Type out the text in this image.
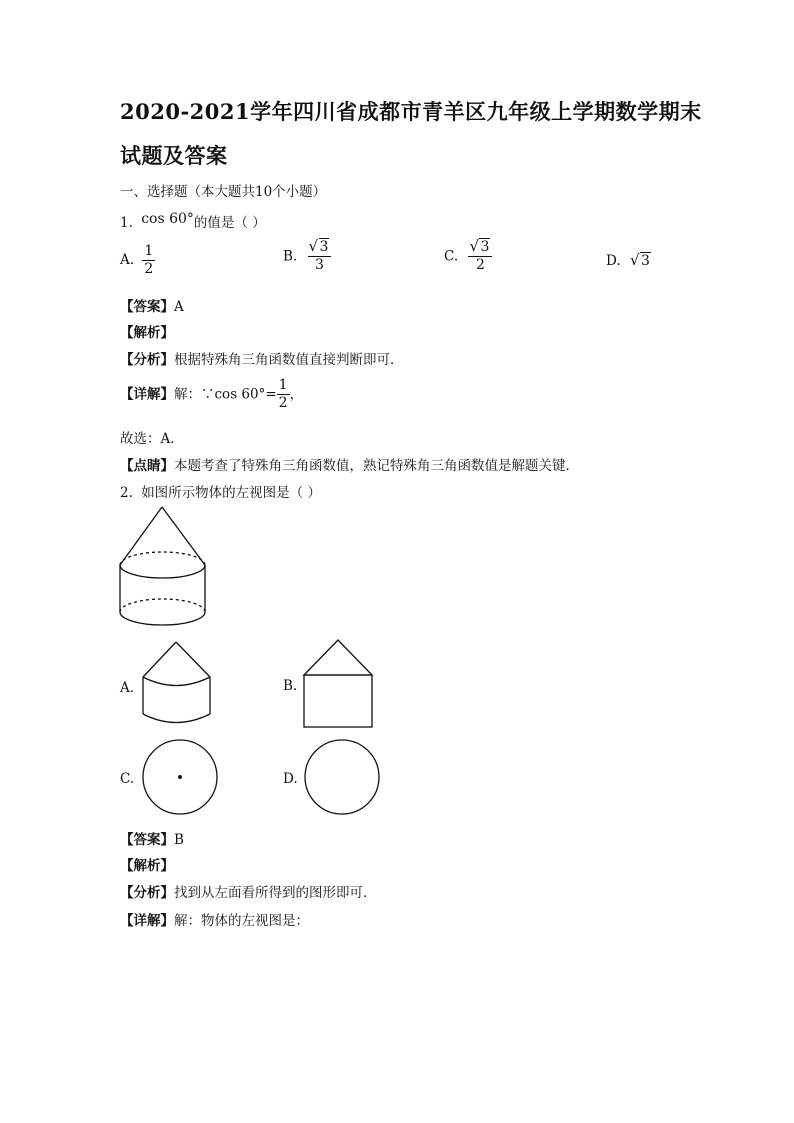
2020-2021学年四川省成都市青羊区九年级上学期数学期末
试题及答案
一、选择题（本大题共10个小题）
1. cos 60°的值是（ ）
A. $\frac{1}{2}$	B. √ $\frac{3}{3}$	C. √ $\frac{3}{2}$	D. √ 3
【答案】A
【解析】
【分析】根据特殊角三角函数值直接判断即可．
【详解】解：∵cos $60^\circ= \frac{1}{2}$ ，
故选：A．
【点睛】本题考查了特殊角三角函数值，熟记特殊角三角函数值是解题关键．
2. 如图所示物体的左视图是（ ）
A.	B.
C.	D.
【答案】B
【解析】
【分析】找到从左面看所得到的图形即可．
【详解】解：物体的左视图是：
